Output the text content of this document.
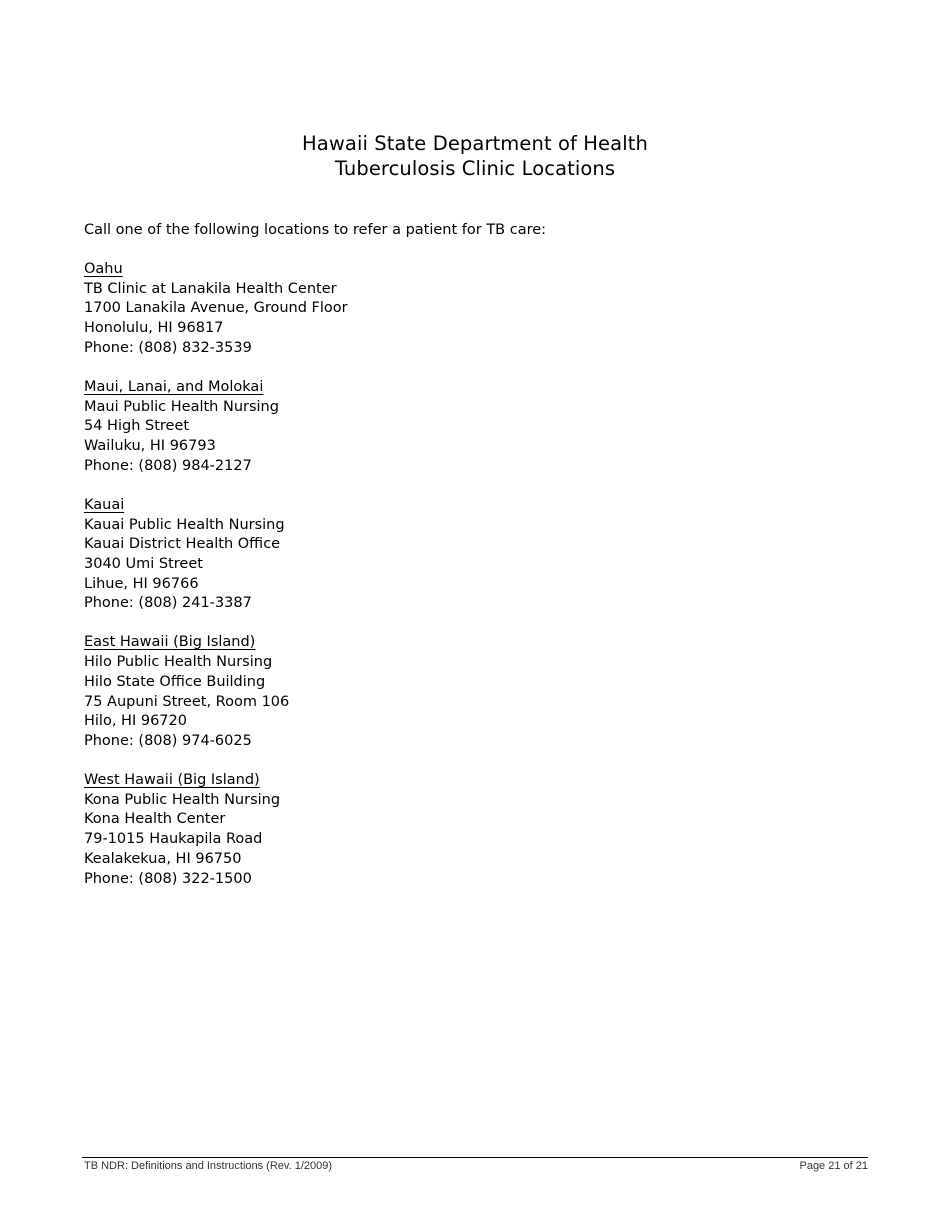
Hawaii State Department of Health
Tuberculosis Clinic Locations
Call one of the following locations to refer a patient for TB care:
Oahu
TB Clinic at Lanakila Health Center
1700 Lanakila Avenue, Ground Floor
Honolulu, HI 96817
Phone: (808) 832-3539
Maui, Lanai, and Molokai
Maui Public Health Nursing
54 High Street
Wailuku, HI 96793
Phone: (808) 984-2127
Kauai
Kauai Public Health Nursing
Kauai District Health Office
3040 Umi Street
Lihue, HI 96766
Phone: (808) 241-3387
East Hawaii (Big Island)
Hilo Public Health Nursing
Hilo State Office Building
75 Aupuni Street, Room 106
Hilo, HI 96720
Phone: (808) 974-6025
West Hawaii (Big Island)
Kona Public Health Nursing
Kona Health Center
79-1015 Haukapila Road
Kealakekua, HI 96750
Phone: (808) 322-1500
TB NDR: Definitions and Instructions (Rev. 1/2009)	Page 21 of 21
